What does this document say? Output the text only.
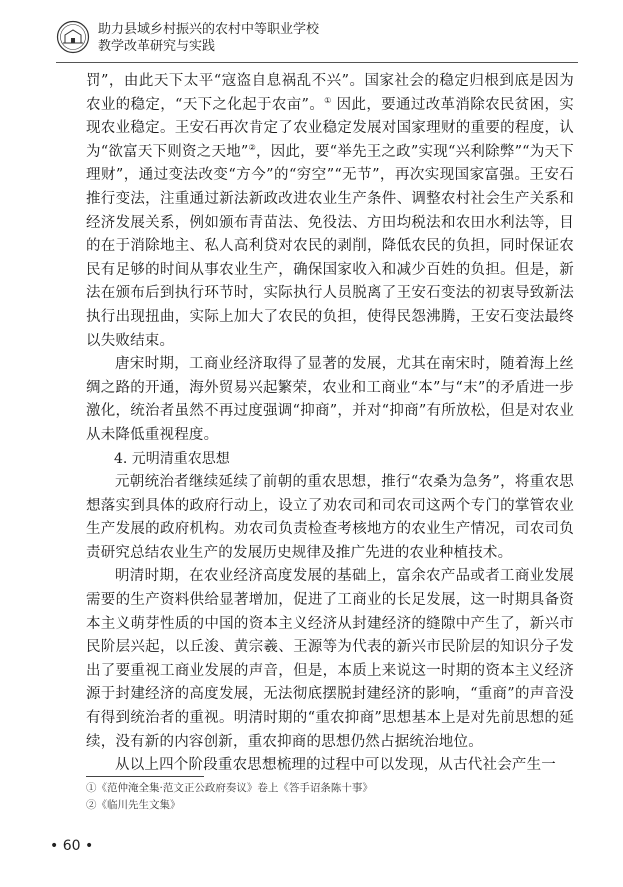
助力县域乡村振兴的农村中等职业学校
教学改革研究与实践

罚”，由此天下太平“寇盗自息祸乱不兴”。国家社会的稳定归根到底是因为农业的稳定，“天下之化起于农亩”。① 因此，要通过改革消除农民贫困，实现农业稳定。王安石再次肯定了农业稳定发展对国家理财的重要的程度，认为“欲富天下则资之天地”②，因此，要“举先王之政”实现“兴利除弊”“为天下理财”，通过变法改变“方今”的“穷空”“无节”，再次实现国家富强。王安石推行变法，注重通过新法新政改进农业生产条件、调整农村社会生产关系和经济发展关系，例如颁布青苗法、免役法、方田均税法和农田水利法等，目的在于消除地主、私人高利贷对农民的剥削，降低农民的负担，同时保证农民有足够的时间从事农业生产，确保国家收入和减少百姓的负担。但是，新法在颁布后到执行环节时，实际执行人员脱离了王安石变法的初衷导致新法执行出现扭曲，实际上加大了农民的负担，使得民怨沸腾，王安石变法最终以失败结束。

唐宋时期，工商业经济取得了显著的发展，尤其在南宋时，随着海上丝绸之路的开通，海外贸易兴起繁荣，农业和工商业“本”与“末”的矛盾进一步激化，统治者虽然不再过度强调“抑商”，并对“抑商”有所放松，但是对农业从未降低重视程度。

4. 元明清重农思想

元朝统治者继续延续了前朝的重农思想，推行“农桑为急务”，将重农思想落实到具体的政府行动上，设立了劝农司和司农司这两个专门的掌管农业生产发展的政府机构。劝农司负责检查考核地方的农业生产情况，司农司负责研究总结农业生产的发展历史规律及推广先进的农业种植技术。

明清时期，在农业经济高度发展的基础上，富余农产品或者工商业发展需要的生产资料供给显著增加，促进了工商业的长足发展，这一时期具备资本主义萌芽性质的中国的资本主义经济从封建经济的缝隙中产生了，新兴市民阶层兴起，以丘浚、黄宗羲、王源等为代表的新兴市民阶层的知识分子发出了要重视工商业发展的声音，但是，本质上来说这一时期的资本主义经济源于封建经济的高度发展，无法彻底摆脱封建经济的影响，“重商”的声音没有得到统治者的重视。明清时期的“重农抑商”思想基本上是对先前思想的延续，没有新的内容创新，重农抑商的思想仍然占据统治地位。

从以上四个阶段重农思想梳理的过程中可以发现，从古代社会产生一

①《范仲淹全集·范文正公政府奏议》卷上《答手诏条陈十事》
②《临川先生文集》
• 60 •
